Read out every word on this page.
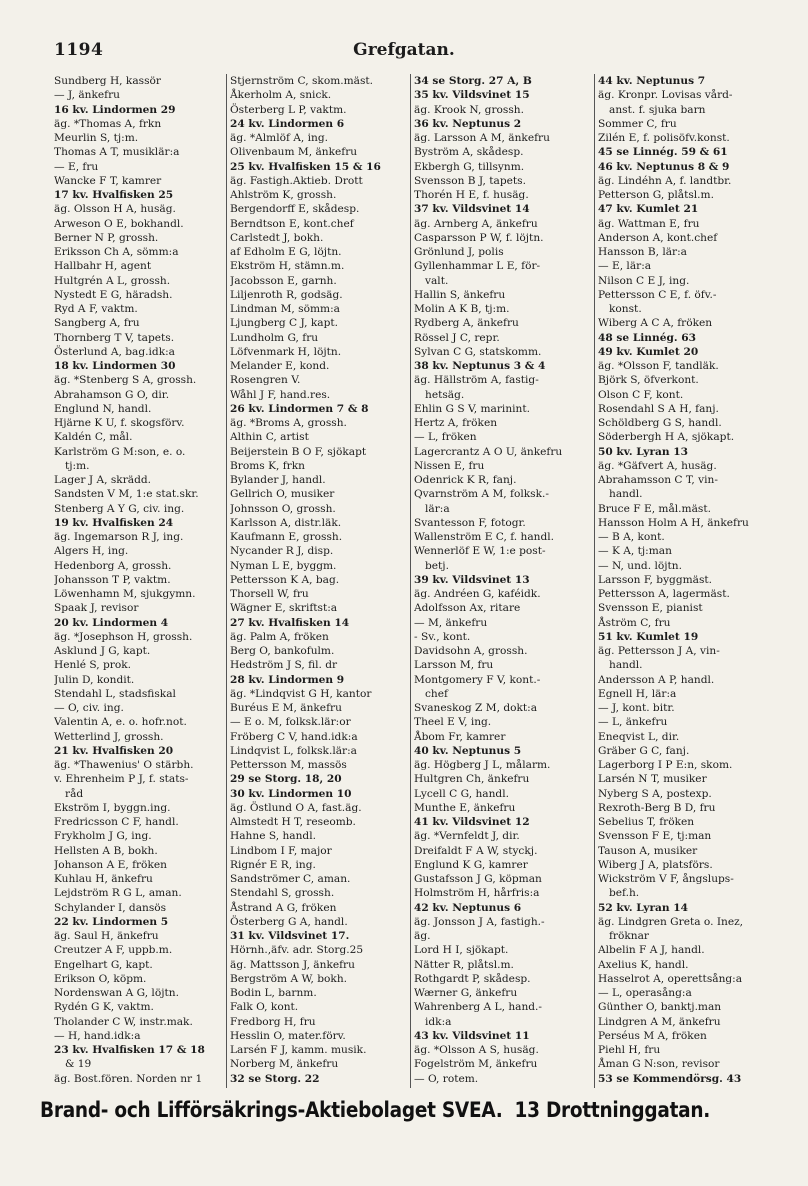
1194	Grefgatan.
Sundberg H, kassör
— J, änkefru
16 kv. Lindormen 29
äg. *Thomas A, frkn
Meurlin S, tj:m.
Thomas A T, musiklär:a
— E, fru
Wancke F T, kamrer
17 kv. Hvalfisken 25
äg. Olsson H A, husäg.
Arweson O E, bokhandl.
Berner N P, grossh.
Eriksson Ch A, sömm:a
Hallbahr H, agent
Hultgrén A L, grossh.
Nystedt E G, häradsh.
Ryd A F, vaktm.
Sangberg A, fru
Thornberg T V, tapets.
Österlund A, bag.idk:a
18 kv. Lindormen 30
äg. *Stenberg S A, grossh.
Abrahamson G O, dir.
Englund N, handl.
Hjärne K U, f. skogsförv.
Kaldén C, mål.
Karlström G M:son, e. o.
tj:m.
Lager J A, skrädd.
Sandsten V M, 1:e stat.skr.
Stenberg A Y G, civ. ing.
19 kv. Hvalfisken 24
äg. Ingemarson R J, ing.
Algers H, ing.
Hedenborg A, grossh.
Johansson T P, vaktm.
Löwenhamn M, sjukgymn.
Spaak J, revisor
20 kv. Lindormen 4
äg. *Josephson H, grossh.
Asklund J G, kapt.
Henlé S, prok.
Julin D, kondit.
Stendahl L, stadsfiskal
— O, civ. ing.
Valentin A, e. o. hofr.not.
Wetterlind J, grossh.
21 kv. Hvalfisken 20
äg. *Thawenius' O stärbh.
v. Ehrenheim P J, f. stats-
råd
Ekström I, byggn.ing.
Fredricsson C F, handl.
Frykholm J G, ing.
Hellsten A B, bokh.
Johanson A E, fröken
Kuhlau H, änkefru
Lejdström R G L, aman.
Schylander I, dansös
22 kv. Lindormen 5
äg. Saul H, änkefru
Creutzer A F, uppb.m.
Engelhart G, kapt.
Erikson O, köpm.
Nordenswan A G, löjtn.
Rydén G K, vaktm.
Tholander C W, instr.mak.
— H, hand.idk:a
23 kv. Hvalfisken 17 & 18
& 19
äg. Bost.fören. Norden nr 1
Stjernström C, skom.mäst.
Åkerholm A, snick.
Österberg L P, vaktm.
24 kv. Lindormen 6
äg. *Almlöf A, ing.
Olivenbaum M, änkefru
25 kv. Hvalfisken 15 & 16
äg. Fastigh.Aktieb. Drott
Ahlström K, grossh.
Bergendorff E, skådesp.
Berndtson E, kont.chef
Carlstedt J, bokh.
af Edholm E G, löjtn.
Ekström H, stämn.m.
Jacobsson E, garnh.
Liljenroth R, godsäg.
Lindman M, sömm:a
Ljungberg C J, kapt.
Lundholm G, fru
Löfvenmark H, löjtn.
Melander E, kond.
Rosengren V.
Wåhl J F, hand.res.
26 kv. Lindormen 7 & 8
äg. *Broms A, grossh.
Althin C, artist
Beijerstein B O F, sjökapt
Broms K, frkn
Bylander J, handl.
Gellrich O, musiker
Johnsson O, grossh.
Karlsson A, distr.läk.
Kaufmann E, grossh.
Nycander R J, disp.
Nyman L E, byggm.
Pettersson K A, bag.
Thorsell W, fru
Wägner E, skriftst:a
27 kv. Hvalfisken 14
äg. Palm A, fröken
Berg O, bankofulm.
Hedström J S, fil. dr
28 kv. Lindormen 9
äg. *Lindqvist G H, kantor
Buréus E M, änkefru
— E o. M, folksk.lär:or
Fröberg C V, hand.idk:a
Lindqvist L, folksk.lär:a
Pettersson M, massös
29 se Storg. 18, 20
30 kv. Lindormen 10
äg. Östlund O A, fast.äg.
Almstedt H T, reseomb.
Hahne S, handl.
Lindbom I F, major
Rignér E R, ing.
Sandströmer C, aman.
Stendahl S, grossh.
Åstrand A G, fröken
Österberg G A, handl.
31 kv. Vildsvinet 17.
Hörnh.,äfv. adr. Storg.25
äg. Mattsson J, änkefru
Bergström A W, bokh.
Bodin L, barnm.
Falk O, kont.
Fredborg H, fru
Hesslin O, mater.förv.
Larsén F J, kamm. musik.
Norberg M, änkefru
32 se Storg. 22
34 se Storg. 27 A, B
35 kv. Vildsvinet 15
äg. Krook N, grossh.
36 kv. Neptunus 2
äg. Larsson A M, änkefru
Byström A, skådesp.
Ekbergh G, tillsynm.
Svensson B J, tapets.
Thorén H E, f. husäg.
37 kv. Vildsvinet 14
äg. Arnberg A, änkefru
Casparsson P W, f. löjtn.
Grönlund J, polis
Gyllenhammar L E, för-
valt.
Hallin S, änkefru
Molin A K B, tj:m.
Rydberg A, änkefru
Rössel J C, repr.
Sylvan C G, statskomm.
38 kv. Neptunus 3 & 4
äg. Hällström A, fastig-
hetsäg.
Ehlin G S V, marinint.
Hertz A, fröken
— L, fröken
Lagercrantz A O U, änkefru
Nissen E, fru
Odenrick K R, fanj.
Qvarnström A M, folksk.-
lär:a
Svantesson F, fotogr.
Wallenström E C, f. handl.
Wennerlöf E W, 1:e post-
betj.
39 kv. Vildsvinet 13
äg. Andréen G, kaféidk.
Adolfsson Ax, ritare
— M, änkefru
- Sv., kont.
Davidsohn A, grossh.
Larsson M, fru
Montgomery F V, kont.-
chef
Svaneskog Z M, dokt:a
Theel E V, ing.
Åbom Fr, kamrer
40 kv. Neptunus 5
äg. Högberg J L, målarm.
Hultgren Ch, änkefru
Lycell C G, handl.
Munthe E, änkefru
41 kv. Vildsvinet 12
äg. *Vernfeldt J, dir.
Dreifaldt F A W, styckj.
Englund K G, kamrer
Gustafsson J G, köpman
Holmström H, hårfris:a
42 kv. Neptunus 6
äg. Jonsson J A, fastigh.-
äg.
Lord H I, sjökapt.
Nätter R, plåtsl.m.
Rothgardt P, skådesp.
Wærner G, änkefru
Wahrenberg A L, hand.-
idk:a
43 kv. Vildsvinet 11
äg. *Olsson A S, husäg.
Fogelström M, änkefru
— O, rotem.
44 kv. Neptunus 7
äg. Kronpr. Lovisas vård-
anst. f. sjuka barn
Sommer C, fru
Zilén E, f. polisöfv.konst.
45 se Linnég. 59 & 61
46 kv. Neptunus 8 & 9
äg. Lindéhn A, f. landtbr.
Petterson G, plåtsl.m.
47 kv. Kumlet 21
äg. Wattman E, fru
Anderson A, kont.chef
Hansson B, lär:a
— E, lär:a
Nilson C E J, ing.
Pettersson C E, f. öfv.-
konst.
Wiberg A C A, fröken
48 se Linnég. 63
49 kv. Kumlet 20
äg. *Olsson F, tandläk.
Björk S, öfverkont.
Olson C F, kont.
Rosendahl S A H, fanj.
Schöldberg G S, handl.
Söderbergh H A, sjökapt.
50 kv. Lyran 13
äg. *Gäfvert A, husäg.
Abrahamsson C T, vin-
handl.
Bruce F E, mål.mäst.
Hansson Holm A H, änkefru
— B A, kont.
— K A, tj:man
— N, und. löjtn.
Larsson F, byggmäst.
Pettersson A, lagermäst.
Svensson E, pianist
Åström C, fru
51 kv. Kumlet 19
äg. Pettersson J A, vin-
handl.
Andersson A P, handl.
Egnell H, lär:a
— J, kont. bitr.
— L, änkefru
Eneqvist L, dir.
Gräber G C, fanj.
Lagerborg I P E:n, skom.
Larsén N T, musiker
Nyberg S A, postexp.
Rexroth-Berg B D, fru
Sebelius T, fröken
Svensson F E, tj:man
Tauson A, musiker
Wiberg J A, platsförs.
Wickström V F, ångslups-
bef.h.
52 kv. Lyran 14
äg. Lindgren Greta o. Inez,
fröknar
Albelin F A J, handl.
Axelius K, handl.
Hasselrot A, operettsång:a
— L, operasång:a
Günther O, banktj.man
Lindgren A M, änkefru
Perséus M A, fröken
Piehl H, fru
Åman G N:son, revisor
53 se Kommendörsg. 43
Brand- och Lifförsäkrings-Aktiebolaget SVEA. 13 Drottninggatan.
